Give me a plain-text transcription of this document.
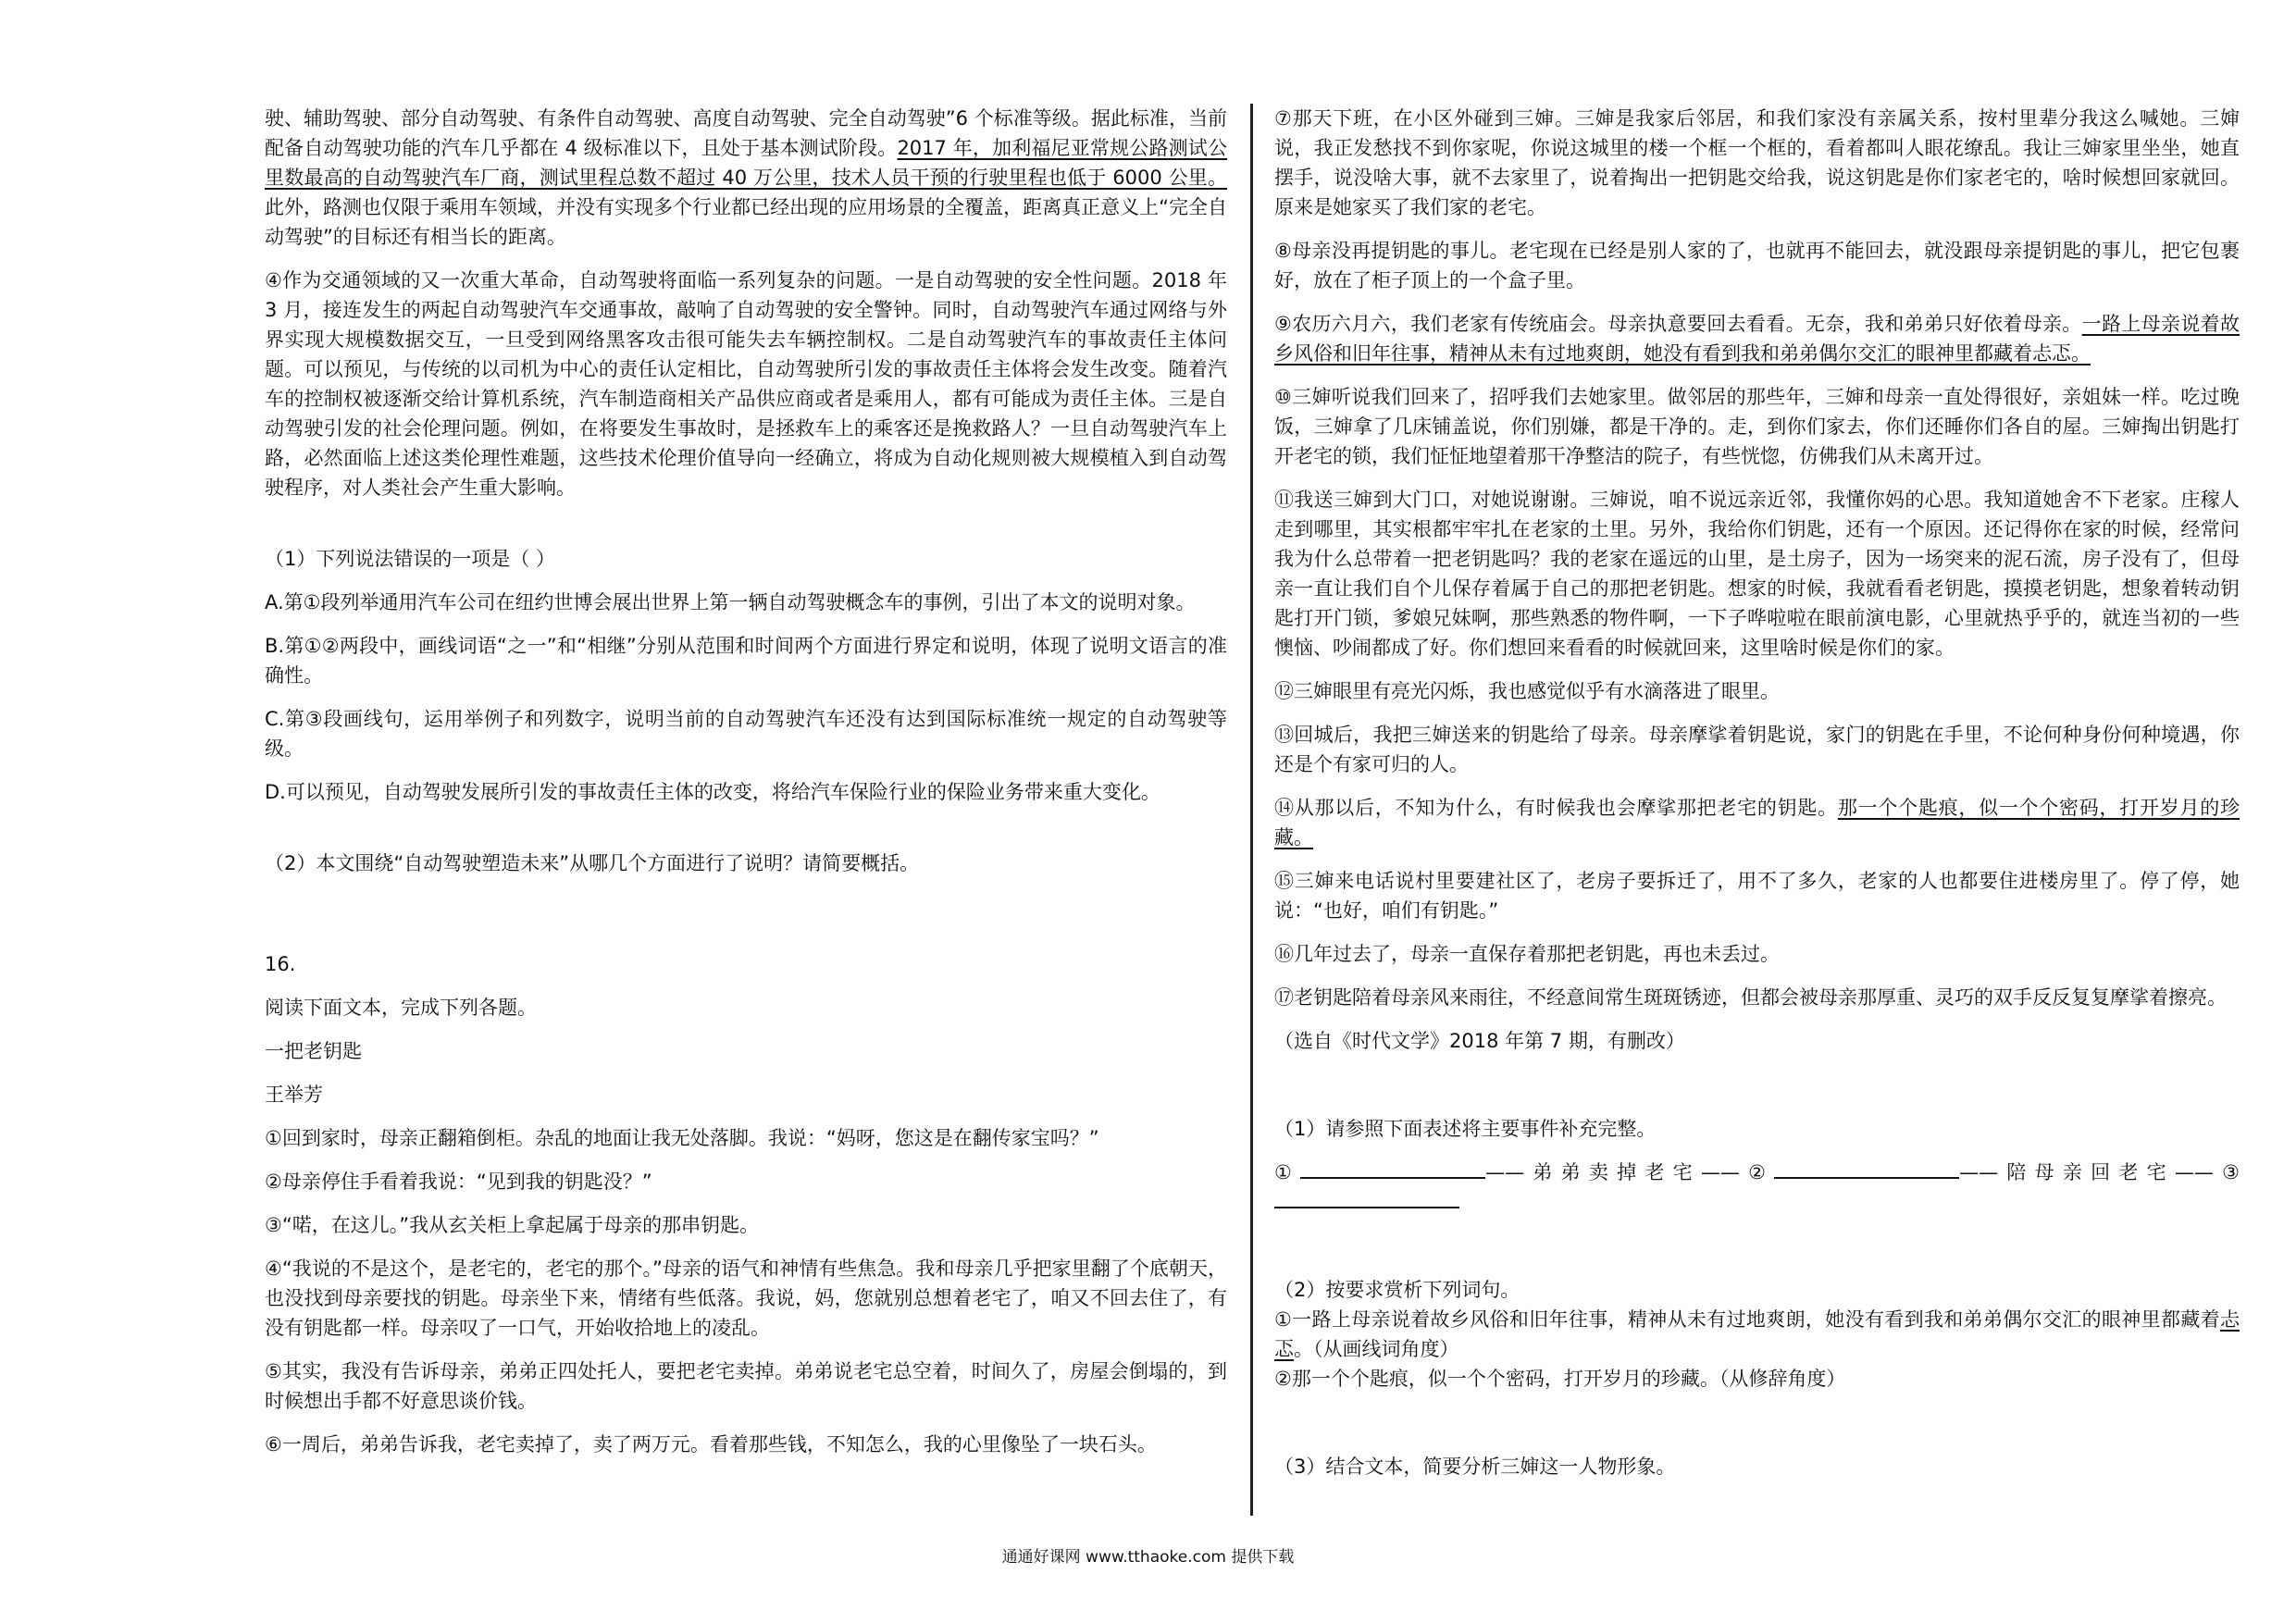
驶、辅助驾驶、部分自动驾驶、有条件自动驾驶、高度自动驾驶、完全自动驾驶”6 个标准等级。据此标准，当前配备自动驾驶功能的汽车几乎都在 4 级标准以下，且处于基本测试阶段。2017 年，加利福尼亚常规公路测试公里数最高的自动驾驶汽车厂商，测试里程总数不超过 40 万公里，技术人员干预的行驶里程也低于 6000 公里。此外，路测也仅限于乘用车领域，并没有实现多个行业都已经出现的应用场景的全覆盖，距离真正意义上“完全自动驾驶”的目标还有相当长的距离。

④作为交通领域的又一次重大革命，自动驾驶将面临一系列复杂的问题。一是自动驾驶的安全性问题。2018 年 3 月，接连发生的两起自动驾驶汽车交通事故，敲响了自动驾驶的安全警钟。同时，自动驾驶汽车通过网络与外界实现大规模数据交互，一旦受到网络黑客攻击很可能失去车辆控制权。二是自动驾驶汽车的事故责任主体问题。可以预见，与传统的以司机为中心的责任认定相比，自动驾驶所引发的事故责任主体将会发生改变。随着汽车的控制权被逐渐交给计算机系统，汽车制造商相关产品供应商或者是乘用人，都有可能成为责任主体。三是自动驾驶引发的社会伦理问题。例如，在将要发生事故时，是拯救车上的乘客还是挽救路人？一旦自动驾驶汽车上路，必然面临上述这类伦理性难题，这些技术伦理价值导向一经确立，将成为自动化规则被大规模植入到自动驾驶程序，对人类社会产生重大影响。

（1）下列说法错误的一项是（ ）

A.第①段列举通用汽车公司在纽约世博会展出世界上第一辆自动驾驶概念车的事例，引出了本文的说明对象。

B.第①②两段中，画线词语“之一”和“相继”分别从范围和时间两个方面进行界定和说明，体现了说明文语言的准确性。

C.第③段画线句，运用举例子和列数字，说明当前的自动驾驶汽车还没有达到国际标准统一规定的自动驾驶等级。

D.可以预见，自动驾驶发展所引发的事故责任主体的改变，将给汽车保险行业的保险业务带来重大变化。

（2）本文围绕“自动驾驶塑造未来”从哪几个方面进行了说明？请简要概括。

16.

阅读下面文本，完成下列各题。

一把老钥匙

王举芳

①回到家时，母亲正翻箱倒柜。杂乱的地面让我无处落脚。我说：“妈呀，您这是在翻传家宝吗？”

②母亲停住手看着我说：“见到我的钥匙没？”

③“喏，在这儿。”我从玄关柜上拿起属于母亲的那串钥匙。

④“我说的不是这个，是老宅的，老宅的那个。”母亲的语气和神情有些焦急。我和母亲几乎把家里翻了个底朝天，也没找到母亲要找的钥匙。母亲坐下来，情绪有些低落。我说，妈，您就别总想着老宅了，咱又不回去住了，有没有钥匙都一样。母亲叹了一口气，开始收拾地上的凌乱。

⑤其实，我没有告诉母亲，弟弟正四处托人，要把老宅卖掉。弟弟说老宅总空着，时间久了，房屋会倒塌的，到时候想出手都不好意思谈价钱。

⑥一周后，弟弟告诉我，老宅卖掉了，卖了两万元。看着那些钱，不知怎么，我的心里像坠了一块石头。

⑦那天下班，在小区外碰到三婶。三婶是我家后邻居，和我们家没有亲属关系，按村里辈分我这么喊她。三婶说，我正发愁找不到你家呢，你说这城里的楼一个框一个框的，看着都叫人眼花缭乱。我让三婶家里坐坐，她直摆手，说没啥大事，就不去家里了，说着掏出一把钥匙交给我，说这钥匙是你们家老宅的，啥时候想回家就回。原来是她家买了我们家的老宅。

⑧母亲没再提钥匙的事儿。老宅现在已经是别人家的了，也就再不能回去，就没跟母亲提钥匙的事儿，把它包裹好，放在了柜子顶上的一个盒子里。

⑨农历六月六，我们老家有传统庙会。母亲执意要回去看看。无奈，我和弟弟只好依着母亲。一路上母亲说着故乡风俗和旧年往事，精神从未有过地爽朗，她没有看到我和弟弟偶尔交汇的眼神里都藏着忐忑。

⑩三婶听说我们回来了，招呼我们去她家里。做邻居的那些年，三婶和母亲一直处得很好，亲姐妹一样。吃过晚饭，三婶拿了几床铺盖说，你们别嫌，都是干净的。走，到你们家去，你们还睡你们各自的屋。三婶掏出钥匙打开老宅的锁，我们怔怔地望着那干净整洁的院子，有些恍惚，仿佛我们从未离开过。

⑪我送三婶到大门口，对她说谢谢。三婶说，咱不说远亲近邻，我懂你妈的心思。我知道她舍不下老家。庄稼人走到哪里，其实根都牢牢扎在老家的土里。另外，我给你们钥匙，还有一个原因。还记得你在家的时候，经常问我为什么总带着一把老钥匙吗？我的老家在遥远的山里，是土房子，因为一场突来的泥石流，房子没有了，但母亲一直让我们自个儿保存着属于自己的那把老钥匙。想家的时候，我就看看老钥匙，摸摸老钥匙，想象着转动钥匙打开门锁，爹娘兄妹啊，那些熟悉的物件啊，一下子哗啦啦在眼前演电影，心里就热乎乎的，就连当初的一些懊恼、吵闹都成了好。你们想回来看看的时候就回来，这里啥时候是你们的家。

⑫三婶眼里有亮光闪烁，我也感觉似乎有水滴落进了眼里。

⑬回城后，我把三婶送来的钥匙给了母亲。母亲摩挲着钥匙说，家门的钥匙在手里，不论何种身份何种境遇，你还是个有家可归的人。

⑭从那以后，不知为什么，有时候我也会摩挲那把老宅的钥匙。那一个个匙痕，似一个个密码，打开岁月的珍藏。

⑮三婶来电话说村里要建社区了，老房子要拆迁了，用不了多久，老家的人也都要住进楼房里了。停了停，她说：“也好，咱们有钥匙。”

⑯几年过去了，母亲一直保存着那把老钥匙，再也未丢过。

⑰老钥匙陪着母亲风来雨往，不经意间常生斑斑锈迹，但都会被母亲那厚重、灵巧的双手反反复复摩挲着擦亮。

（选自《时代文学》2018 年第 7 期，有删改）

（1）请参照下面表述将主要事件补充完整。

①	——弟弟卖掉老宅——②	——陪母亲回老宅——③

（2）按要求赏析下列词句。

①一路上母亲说着故乡风俗和旧年往事，精神从未有过地爽朗，她没有看到我和弟弟偶尔交汇的眼神里都藏着忐忑。（从画线词角度）

②那一个个匙痕，似一个个密码，打开岁月的珍藏。（从修辞角度）

（3）结合文本，简要分析三婶这一人物形象。

通通好课网 www.tthaoke.com 提供下载
